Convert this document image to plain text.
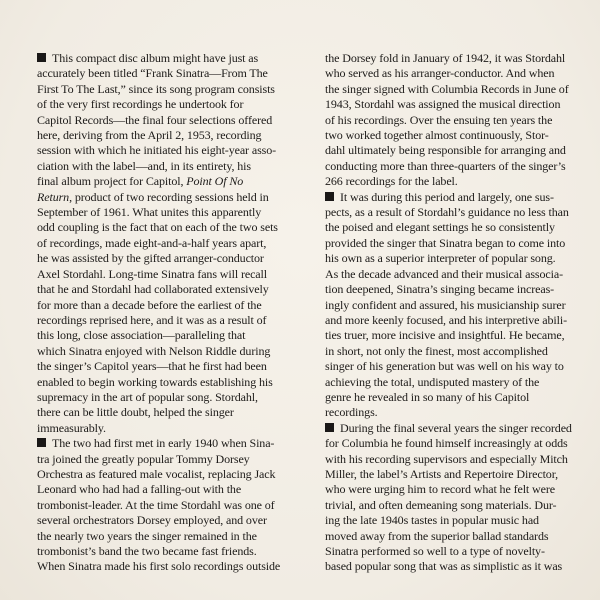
This compact disc album might have just as
accurately been titled “Frank Sinatra—From The
First To The Last,” since its song program consists
of the very first recordings he undertook for
Capitol Records—the final four selections offered
here, deriving from the April 2, 1953, recording
session with which he initiated his eight-year asso-
ciation with the label—and, in its entirety, his
final album project for Capitol, Point Of No
Return, product of two recording sessions held in
September of 1961. What unites this apparently
odd coupling is the fact that on each of the two sets
of recordings, made eight-and-a-half years apart,
he was assisted by the gifted arranger-conductor
Axel Stordahl. Long-time Sinatra fans will recall
that he and Stordahl had collaborated extensively
for more than a decade before the earliest of the
recordings reprised here, and it was as a result of
this long, close association—paralleling that
which Sinatra enjoyed with Nelson Riddle during
the singer’s Capitol years—that he first had been
enabled to begin working towards establishing his
supremacy in the art of popular song. Stordahl,
there can be little doubt, helped the singer
immeasurably.
The two had first met in early 1940 when Sina-
tra joined the greatly popular Tommy Dorsey
Orchestra as featured male vocalist, replacing Jack
Leonard who had had a falling-out with the
trombonist-leader. At the time Stordahl was one of
several orchestrators Dorsey employed, and over
the nearly two years the singer remained in the
trombonist’s band the two became fast friends.
When Sinatra made his first solo recordings outside
the Dorsey fold in January of 1942, it was Stordahl
who served as his arranger-conductor. And when
the singer signed with Columbia Records in June of
1943, Stordahl was assigned the musical direction
of his recordings. Over the ensuing ten years the
two worked together almost continuously, Stor-
dahl ultimately being responsible for arranging and
conducting more than three-quarters of the singer’s
266 recordings for the label.
It was during this period and largely, one sus-
pects, as a result of Stordahl’s guidance no less than
the poised and elegant settings he so consistently
provided the singer that Sinatra began to come into
his own as a superior interpreter of popular song.
As the decade advanced and their musical associa-
tion deepened, Sinatra’s singing became increas-
ingly confident and assured, his musicianship surer
and more keenly focused, and his interpretive abili-
ties truer, more incisive and insightful. He became,
in short, not only the finest, most accomplished
singer of his generation but was well on his way to
achieving the total, undisputed mastery of the
genre he revealed in so many of his Capitol
recordings.
During the final several years the singer recorded
for Columbia he found himself increasingly at odds
with his recording supervisors and especially Mitch
Miller, the label’s Artists and Repertoire Director,
who were urging him to record what he felt were
trivial, and often demeaning song materials. Dur-
ing the late 1940s tastes in popular music had
moved away from the superior ballad standards
Sinatra performed so well to a type of novelty-
based popular song that was as simplistic as it was
